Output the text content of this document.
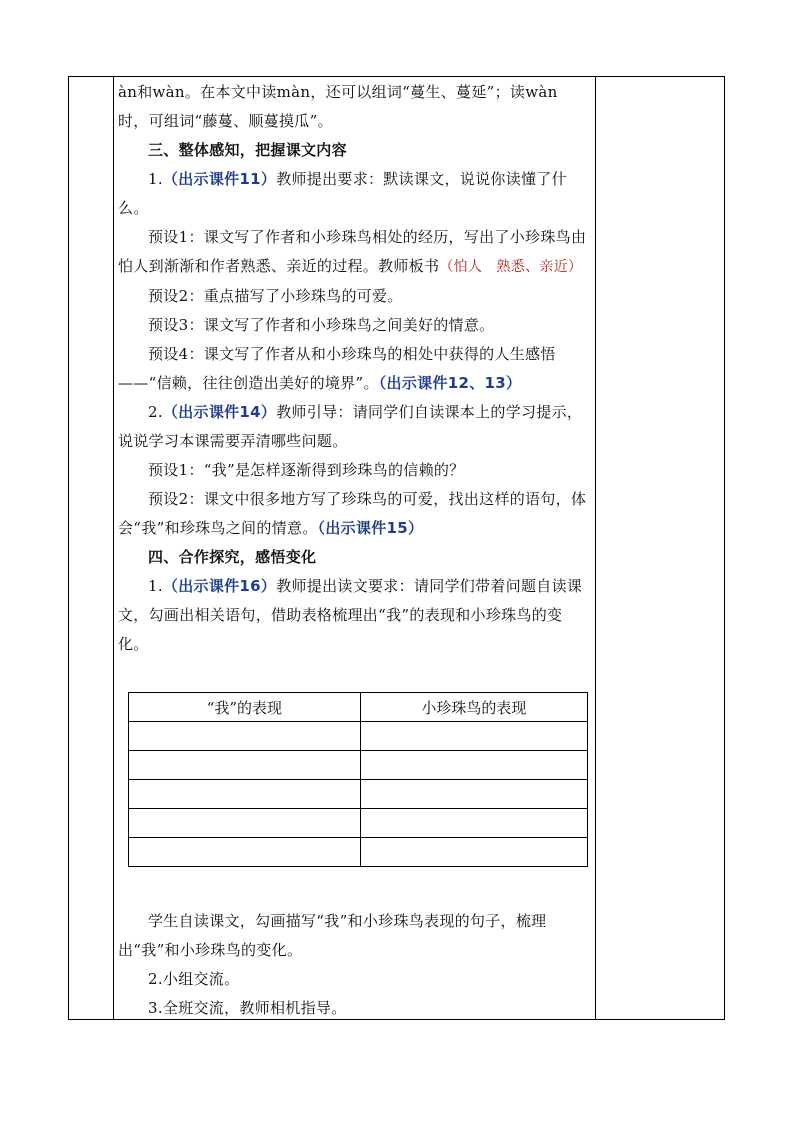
àn和wàn。在本文中读màn，还可以组词“蔓生、蔓延”；读wàn

时，可组词“藤蔓、顺蔓摸瓜”。

三、整体感知，把握课文内容

1.（出示课件11）教师提出要求：默读课文，说说你读懂了什么。

预设1：课文写了作者和小珍珠鸟相处的经历，写出了小珍珠鸟由怕人到渐渐和作者熟悉、亲近的过程。教师板书（怕人　熟悉、亲近）

预设2：重点描写了小珍珠鸟的可爱。

预设3：课文写了作者和小珍珠鸟之间美好的情意。

预设4：课文写了作者从和小珍珠鸟的相处中获得的人生感悟——“信赖，往往创造出美好的境界”。（出示课件12、13）

2.（出示课件14）教师引导：请同学们自读课本上的学习提示，说说学习本课需要弄清哪些问题。

预设1：“我”是怎样逐渐得到珍珠鸟的信赖的？

预设2：课文中很多地方写了珍珠鸟的可爱，找出这样的语句，体会“我”和珍珠鸟之间的情意。（出示课件15）

四、合作探究，感悟变化

1.（出示课件16）教师提出读文要求：请同学们带着问题自读课文，勾画出相关语句，借助表格梳理出“我”的表现和小珍珠鸟的变化。

“我”的表现	小珍珠鸟的表现

学生自读课文，勾画描写“我”和小珍珠鸟表现的句子，梳理出“我”和小珍珠鸟的变化。

2.小组交流。

3.全班交流，教师相机指导。
